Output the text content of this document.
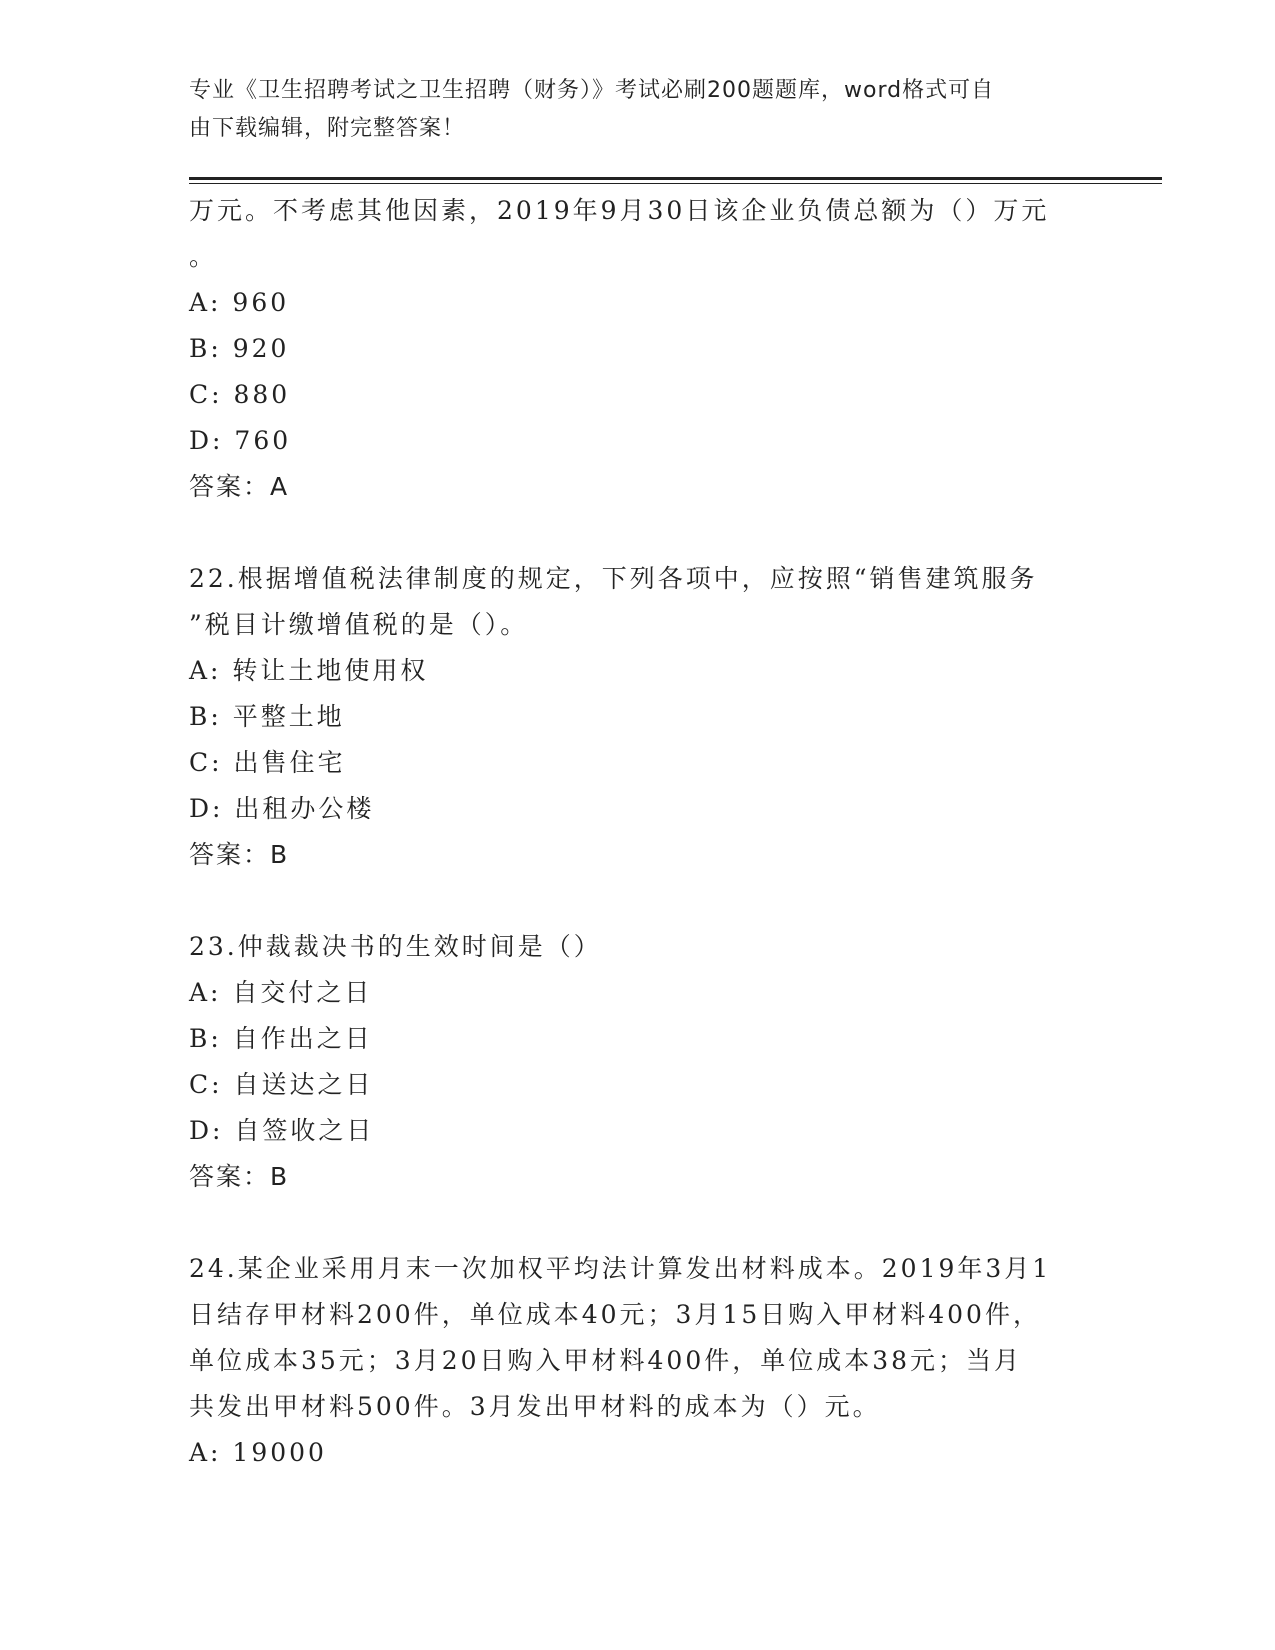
专业《卫生招聘考试之卫生招聘（财务）》考试必刷200题题库，word格式可自
由下载编辑，附完整答案！
万元。不考虑其他因素，2019年9月30日该企业负债总额为（）万元
。
A: 960
B: 920
C: 880
D: 760
答案：A
22.根据增值税法律制度的规定，下列各项中，应按照“销售建筑服务
”税目计缴增值税的是（）。
A: 转让土地使用权
B: 平整土地
C: 出售住宅
D: 出租办公楼
答案：B
23.仲裁裁决书的生效时间是（）
A: 自交付之日
B: 自作出之日
C: 自送达之日
D: 自签收之日
答案：B
24.某企业采用月末一次加权平均法计算发出材料成本。2019年3月1
日结存甲材料200件，单位成本40元；3月15日购入甲材料400件，
单位成本35元；3月20日购入甲材料400件，单位成本38元；当月
共发出甲材料500件。3月发出甲材料的成本为（）元。
A: 19000
